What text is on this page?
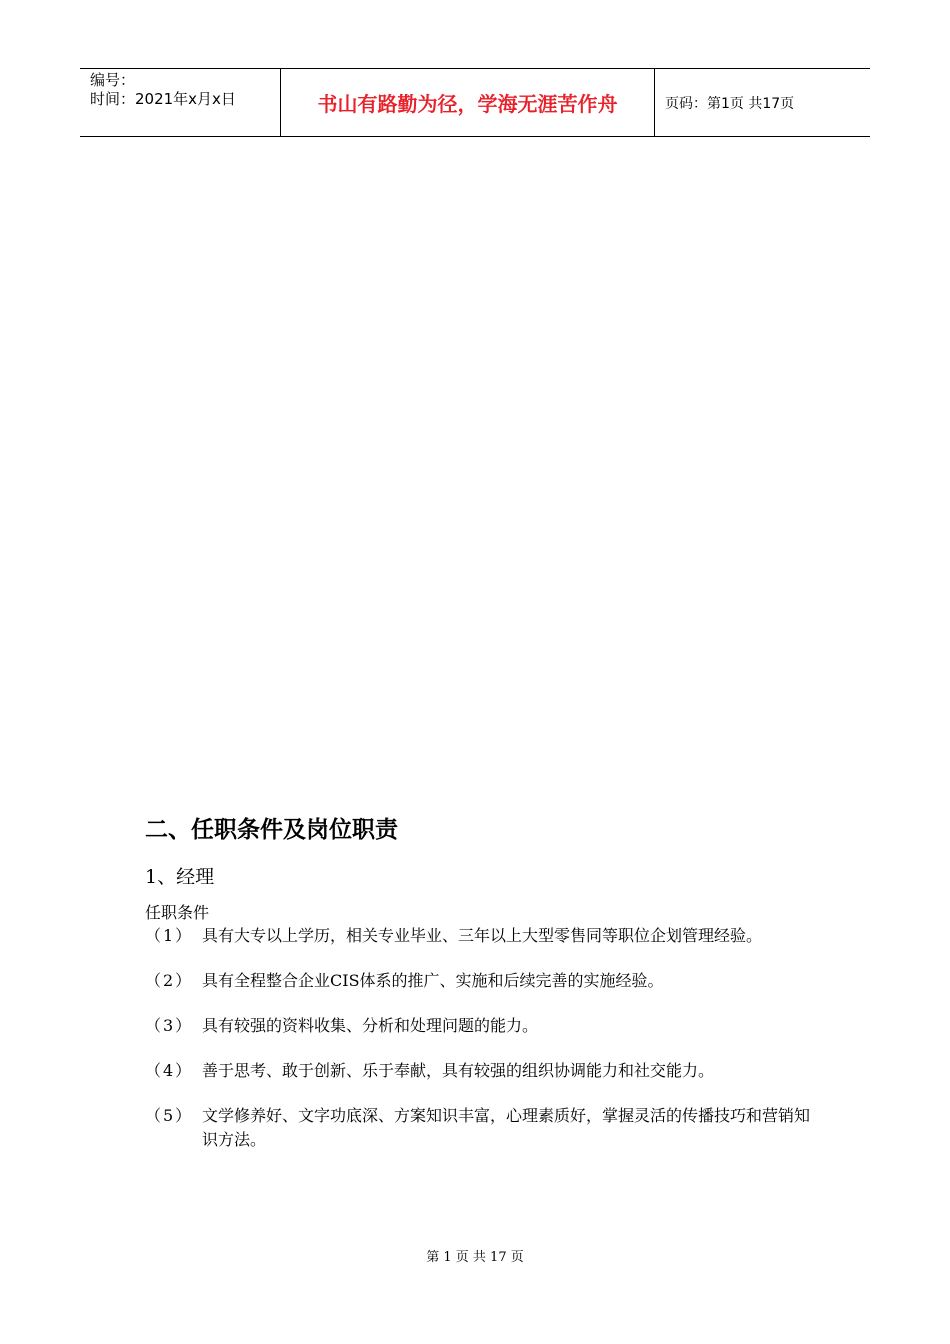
编号：
时间：2021年x月x日	书山有路勤为径，学海无涯苦作舟	页码：第1页 共17页
二、任职条件及岗位职责
1、经理
任职条件
（1） 具有大专以上学历，相关专业毕业、三年以上大型零售同等职位企划管理经验。
（2） 具有全程整合企业CIS体系的推广、实施和后续完善的实施经验。
（3） 具有较强的资料收集、分析和处理问题的能力。
（4） 善于思考、敢于创新、乐于奉献，具有较强的组织协调能力和社交能力。
（5） 文学修养好、文字功底深、方案知识丰富，心理素质好，掌握灵活的传播技巧和营销知识方法。
第 1 页 共 17 页
